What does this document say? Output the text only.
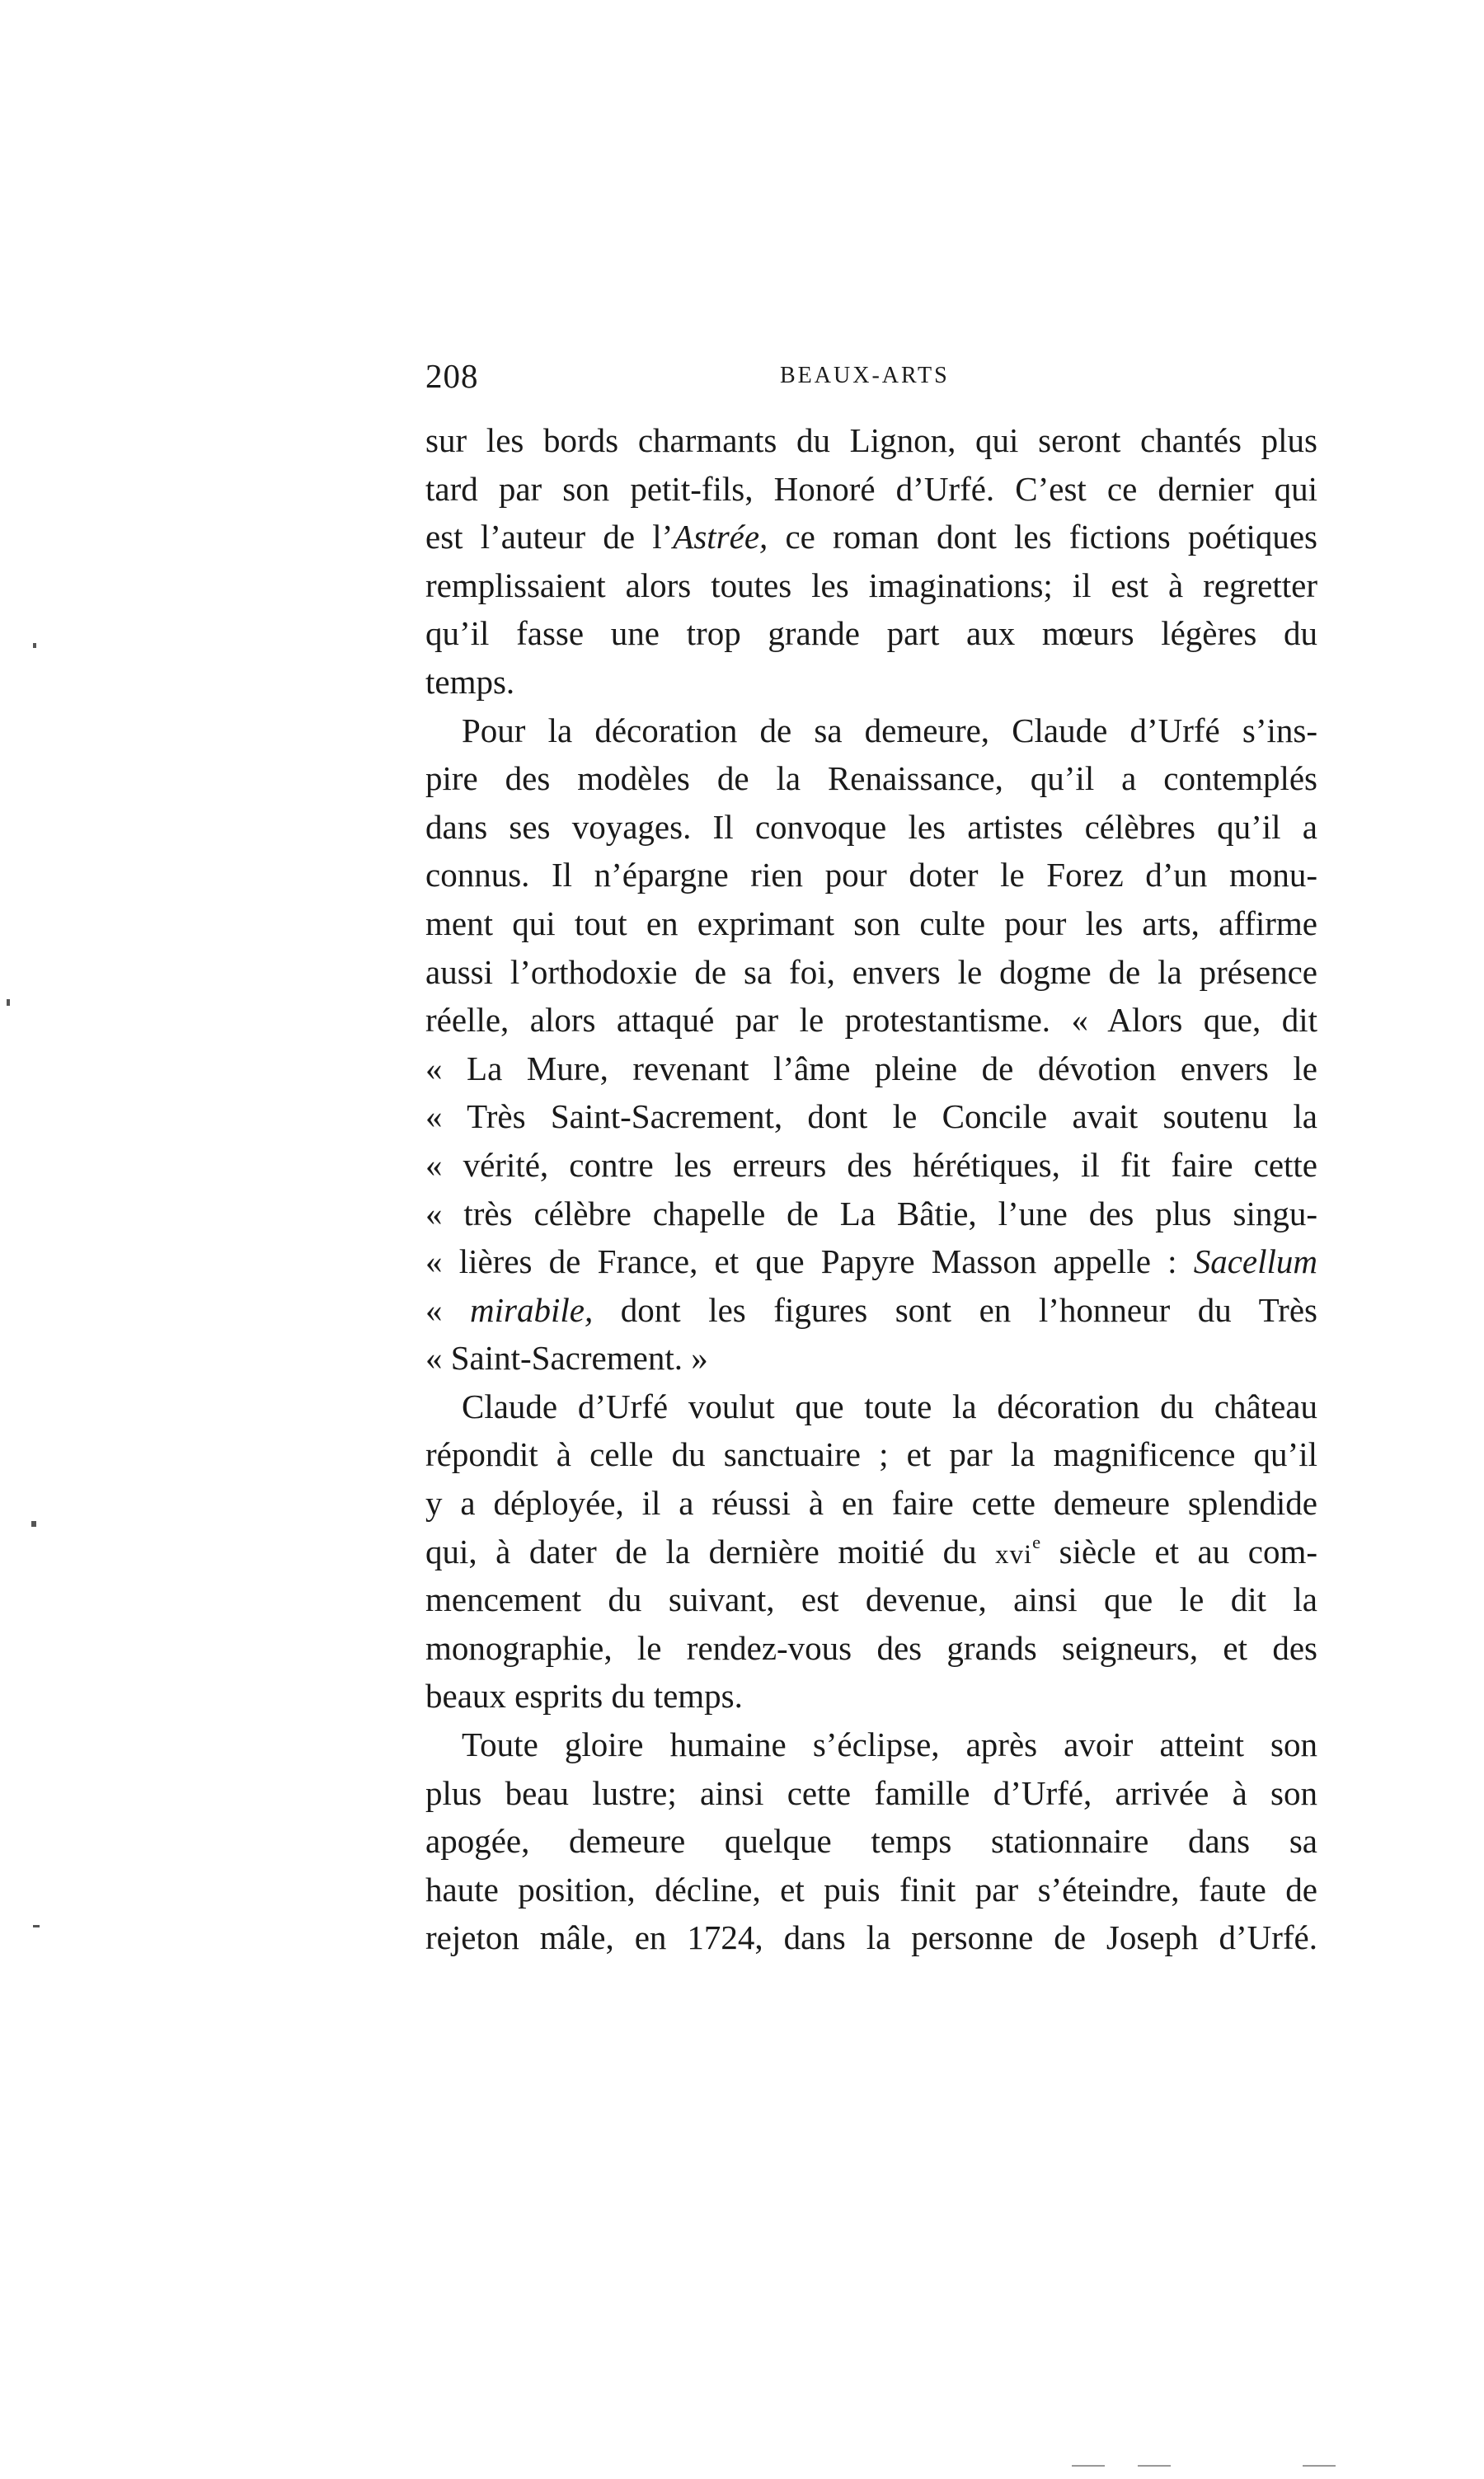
208	BEAUX-ARTS
sur les bords charmants du Lignon, qui seront chantés plus
tard par son petit-fils, Honoré d’Urfé. C’est ce dernier qui
est l’auteur de l’Astrée, ce roman dont les fictions poétiques
remplissaient alors toutes les imaginations; il est à regretter
qu’il fasse une trop grande part aux mœurs légères du
temps.
Pour la décoration de sa demeure, Claude d’Urfé s’ins-
pire des modèles de la Renaissance, qu’il a contemplés
dans ses voyages. Il convoque les artistes célèbres qu’il a
connus. Il n’épargne rien pour doter le Forez d’un monu-
ment qui tout en exprimant son culte pour les arts, affirme
aussi l’orthodoxie de sa foi, envers le dogme de la présence
réelle, alors attaqué par le protestantisme. « Alors que, dit
« La Mure, revenant l’âme pleine de dévotion envers le
« Très Saint-Sacrement, dont le Concile avait soutenu la
« vérité, contre les erreurs des hérétiques, il fit faire cette
« très célèbre chapelle de La Bâtie, l’une des plus singu-
« lières de France, et que Papyre Masson appelle : Sacellum
« mirabile, dont les figures sont en l’honneur du Très
« Saint-Sacrement. »
Claude d’Urfé voulut que toute la décoration du château
répondit à celle du sanctuaire ; et par la magnificence qu’il
y a déployée, il a réussi à en faire cette demeure splendide
qui, à dater de la dernière moitié du xvi$^e$ siècle et au com-
mencement du suivant, est devenue, ainsi que le dit la
monographie, le rendez-vous des grands seigneurs, et des
beaux esprits du temps.
Toute gloire humaine s’éclipse, après avoir atteint son
plus beau lustre; ainsi cette famille d’Urfé, arrivée à son
apogée, demeure quelque temps stationnaire dans sa
haute position, décline, et puis finit par s’éteindre, faute de
rejeton mâle, en 1724, dans la personne de Joseph d’Urfé.
